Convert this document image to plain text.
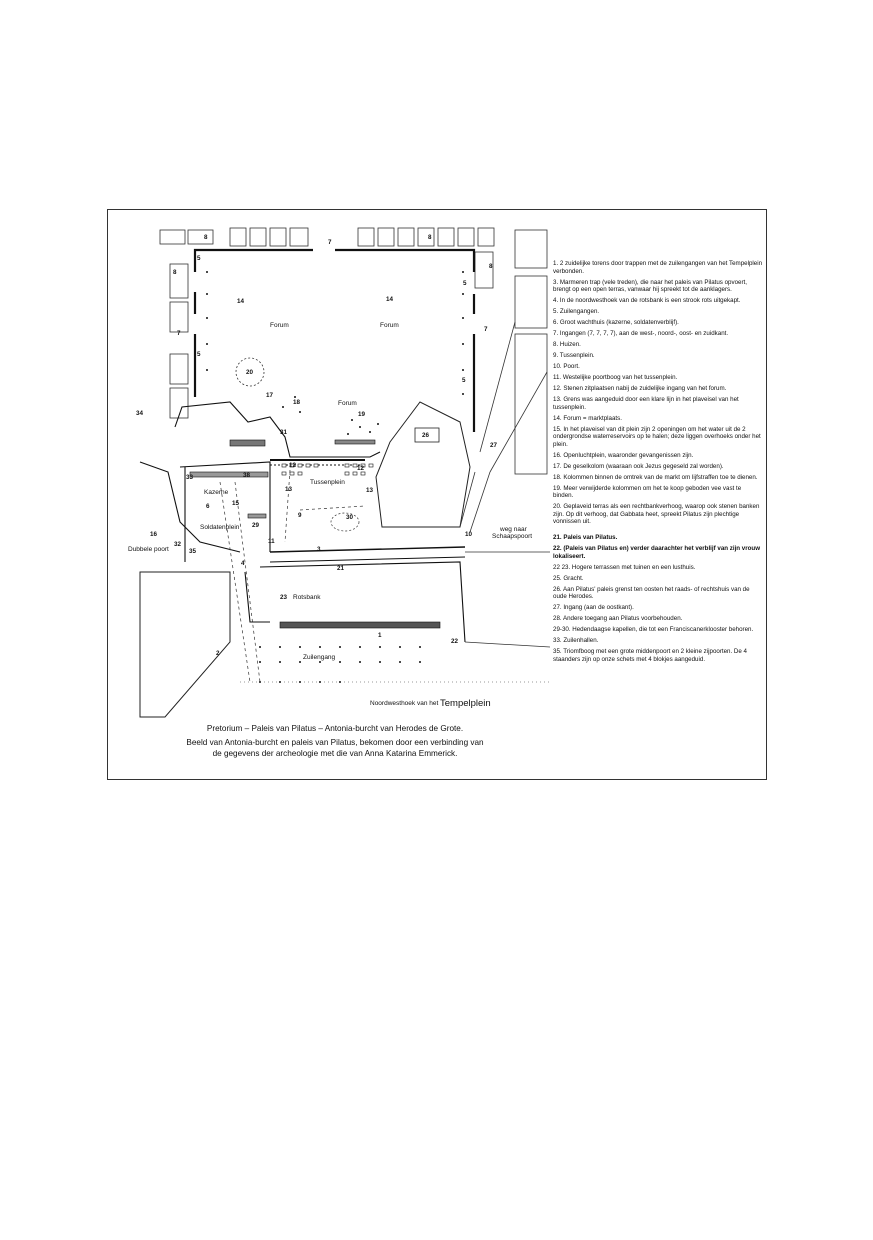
Forum	Forum
Forum
Kazerne
Tussenplein
Soldatenplein
Dubbele poort
Rotsbank
Zuilengang
weg naar
Schaapspoort
Noordwesthoek van het Tempelplein
8	8
8
8
7
7
7
5
5
5
5
14	14
20
17
18
19
34
26
27
31
33	38
12	12
13	13
6	15
16
32
35
29
30
9
11
4
3
10
21
23
22
2
1

1. 2 zuidelijke torens door trappen met de zuilengangen van het Tempelplein verbonden.

3. Marmeren trap (vele treden), die naar het paleis van Pilatus opvoert, brengt op een open terras, vanwaar hij spreekt tot de aanklagers.

4. In de noordwesthoek van de rotsbank is een strook rots uitgekapt.

5. Zuilengangen.

6. Groot wachthuis (kazerne, soldatenverblijf).

7. Ingangen (7, 7, 7, 7), aan de west-, noord-, oost- en zuidkant.

8. Huizen.

9. Tussenplein.

10. Poort.

11. Westelijke poortboog van het tussenplein.

12. Stenen zitplaatsen nabij de zuidelijke ingang van het forum.

13. Grens was aangeduid door een klare lijn in het plaveisel van het tussenplein.

14. Forum = marktplaats.

15. In het plaveisel van dit plein zijn 2 openingen om het water uit de 2 ondergrondse waterreservoirs op te halen; deze liggen overhoeks onder het plein.

16. Openluchtplein, waaronder gevangenissen zijn.

17. De geselkolom (waaraan ook Jezus gegeseld zal worden).

18. Kolommen binnen de omtrek van de markt om lijfstraffen toe te dienen.

19. Meer verwijderde kolommen om het te koop geboden vee vast te binden.

20. Geplaveid terras als een rechtbankverhoog, waarop ook stenen banken zijn. Op dit verhoog, dat Gabbata heet, spreekt Pilatus zijn plechtige vonnissen uit.

21. Paleis van Pilatus.

22. (Paleis van Pilatus en) verder daarachter het verblijf van zijn vrouw lokaliseert.

22 23. Hogere terrassen met tuinen en een lusthuis.

25. Gracht.

26. Aan Pilatus' paleis grenst ten oosten het raads- of rechtshuis van de oude Herodes.

27. Ingang (aan de oostkant).

28. Andere toegang aan Pilatus voorbehouden.

29-30. Hedendaagse kapellen, die tot een Franciscanerklooster behoren.

33. Zuilenhallen.

35. Triomfboog met een grote middenpoort en 2 kleine zijpoorten. De 4 staanders zijn op onze schets met 4 blokjes aangeduid.

Pretorium – Paleis van Pilatus – Antonia-burcht van Herodes de Grote.
Beeld van Antonia-burcht en paleis van Pilatus, bekomen door een verbinding van
de gegevens der archeologie met die van Anna Katarina Emmerick.
